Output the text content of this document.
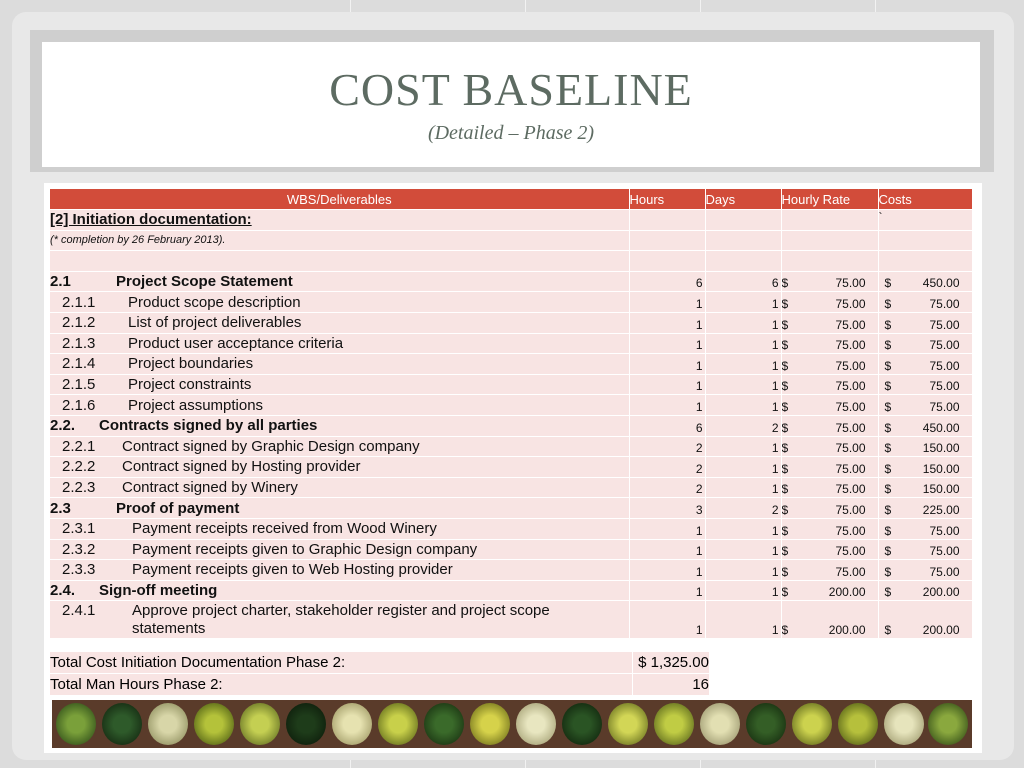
COST BASELINE
(Detailed – Phase 2)
WBS/Deliverables	Hours	Days	Hourly Rate	Costs
[2] Initiation documentation:				`
(* completion by 26 February 2013).				

2.1 Project Scope Statement	6	6	$ 75.00	$ 450.00
2.1.1 Product scope description	1	1	$ 75.00	$ 75.00
2.1.2 List of project deliverables	1	1	$ 75.00	$ 75.00
2.1.3 Product user acceptance criteria	1	1	$ 75.00	$ 75.00
2.1.4 Project boundaries	1	1	$ 75.00	$ 75.00
2.1.5 Project constraints	1	1	$ 75.00	$ 75.00
2.1.6 Project assumptions	1	1	$ 75.00	$ 75.00
2.2. Contracts signed by all parties	6	2	$ 75.00	$ 450.00
2.2.1 Contract signed by Graphic Design company	2	1	$ 75.00	$ 150.00
2.2.2 Contract signed by Hosting provider	2	1	$ 75.00	$ 150.00
2.2.3 Contract signed by Winery	2	1	$ 75.00	$ 150.00
2.3 Proof of payment	3	2	$ 75.00	$ 225.00
2.3.1 Payment receipts received from Wood Winery	1	1	$ 75.00	$ 75.00
2.3.2 Payment receipts given to Graphic Design company	1	1	$ 75.00	$ 75.00
2.3.3 Payment receipts given to Web Hosting provider	1	1	$ 75.00	$ 75.00
2.4. Sign-off meeting	1	1	$ 200.00	$ 200.00
2.4.1 Approve project charter, stakeholder register and project scope
statements	1	1	$ 200.00	$ 200.00
Total Cost Initiation Documentation Phase 2:	$ 1,325.00
Total Man Hours Phase 2:	16
